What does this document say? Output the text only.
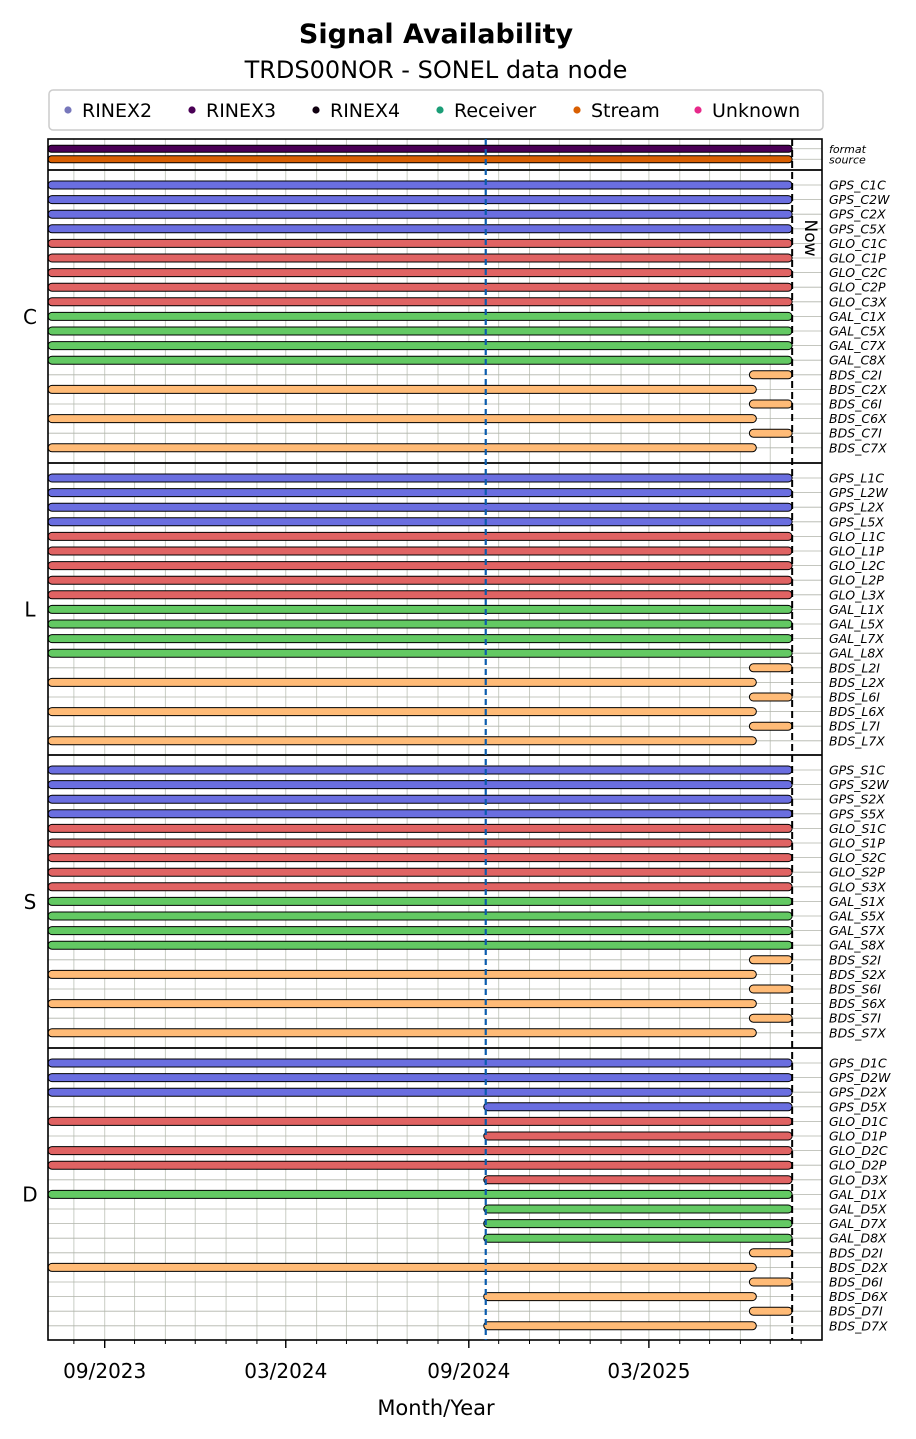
Signal Availability
TRDS00NOR - SONEL data node
RINEX2	RINEX3	RINEX4	Receiver	Stream	Unknown
format
source
GPS_C1C
GPS_C2W
GPS_C2X
GPS_C5X
GLO_C1C
GLO_C1P
GLO_C2C
GLO_C2P
GLO_C3X
GAL_C1X
GAL_C5X
GAL_C7X
GAL_C8X
BDS_C2I
BDS_C2X
BDS_C6I
BDS_C6X
BDS_C7I
BDS_C7X
C
GPS_L1C
GPS_L2W
GPS_L2X
GPS_L5X
GLO_L1C
GLO_L1P
GLO_L2C
GLO_L2P
GLO_L3X
GAL_L1X
GAL_L5X
GAL_L7X
GAL_L8X
BDS_L2I
BDS_L2X
BDS_L6I
BDS_L6X
BDS_L7I
BDS_L7X
L
GPS_S1C
GPS_S2W
GPS_S2X
GPS_S5X
GLO_S1C
GLO_S1P
GLO_S2C
GLO_S2P
GLO_S3X
GAL_S1X
GAL_S5X
GAL_S7X
GAL_S8X
BDS_S2I
BDS_S2X
BDS_S6I
BDS_S6X
BDS_S7I
BDS_S7X
S
GPS_D1C
GPS_D2W
GPS_D2X
GPS_D5X
GLO_D1C
GLO_D1P
GLO_D2C
GLO_D2P
GLO_D3X
GAL_D1X
GAL_D5X
GAL_D7X
GAL_D8X
BDS_D2I
BDS_D2X
BDS_D6I
BDS_D6X
BDS_D7I
BDS_D7X
D
Now
09/2023	03/2024	09/2024	03/2025
Month/Year
